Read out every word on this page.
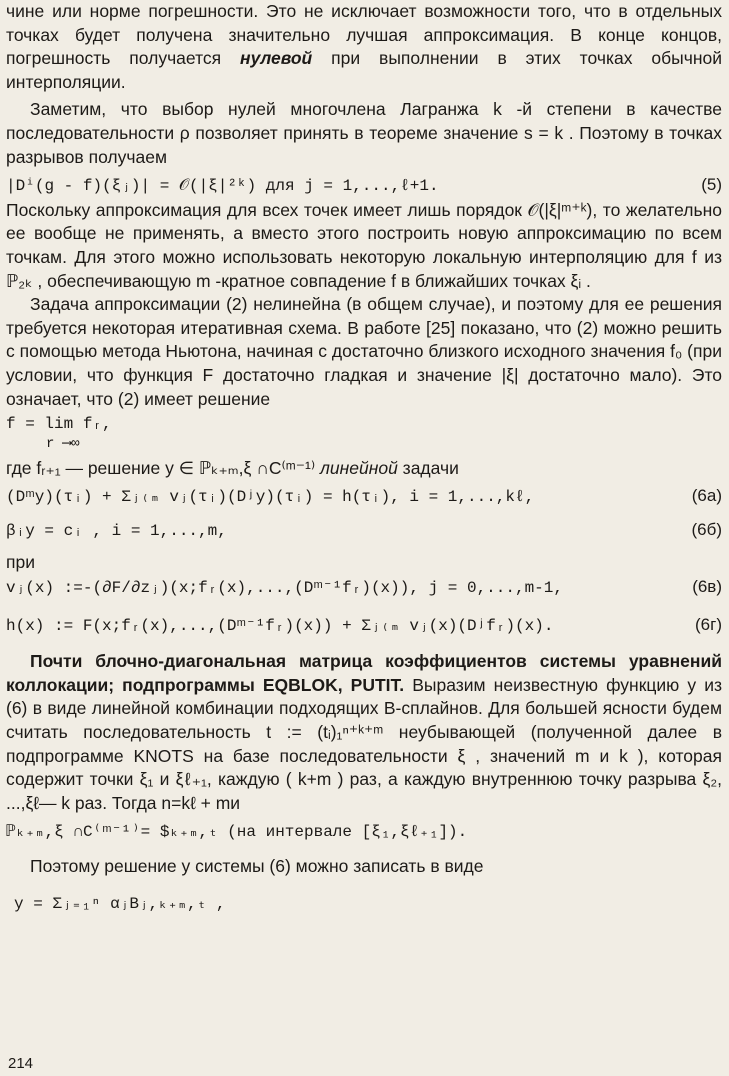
чине или норме погрешности. Это не исключает возможности того, что в отдельных точках будет получена значительно лучшая аппроксимация. В конце концов, погрешность получается нулевой при выполнении в этих точках обычной интерполяции.

Заметим, что выбор нулей многочлена Лагранжа k -й степени в качестве последовательности ρ позволяет принять в теореме значение s = k . Поэтому в точках разрывов получаем

|Dⁱ(g - f)(ξⱼ)| = 𝒪(|ξ|²ᵏ) для j = 1,...,ℓ+1.	(5)

Поскольку аппроксимация для всех точек имеет лишь порядок 𝒪(|ξ|ᵐ⁺ᵏ), то желательно ее вообще не применять, а вместо этого построить новую аппроксимацию по всем точкам. Для этого можно использовать некоторую локальную интерполяцию для f из ℙ₂ₖ , обеспечивающую m -кратное совпадение f в ближайших точках ξᵢ .

Задача аппроксимации (2) нелинейна (в общем случае), и поэтому для ее решения требуется некоторая итеративная схема. В работе [25] показано, что (2) можно решить с помощью метода Ньютона, начиная с достаточно близкого исходного значения f₀ (при условии, что функция F достаточно гладкая и значение |ξ| достаточно мало). Это означает, что (2) имеет решение

f = lim fᵣ,
r ⟶∞

где fᵣ₊₁ — решение y ∈ ℙₖ₊ₘ,ξ ∩C⁽ᵐ⁻¹⁾ линейной задачи

(Dᵐy)(τᵢ) + Σⱼ₍ₘ vⱼ(τᵢ)(Dʲy)(τᵢ) = h(τᵢ), i = 1,...,kℓ,	(6а)
βᵢy = cᵢ , i = 1,...,m,	(6б)

при

vⱼ(x) :=-(∂F/∂zⱼ)(x;fᵣ(x),...,(Dᵐ⁻¹fᵣ)(x)), j = 0,...,m-1,	(6в)
h(x) := F(x;fᵣ(x),...,(Dᵐ⁻¹fᵣ)(x)) + Σⱼ₍ₘ vⱼ(x)(Dʲfᵣ)(x).	(6г)

Почти блочно-диагональная матрица коэффициентов системы уравнений коллокации; подпрограммы EQBLOK, PUTIT. Выразим неизвестную функцию y из (6) в виде линейной комбинации подходящих B-сплайнов. Для большей ясности будем считать последовательность t := (tᵢ)₁ⁿ⁺ᵏ⁺ᵐ неубывающей (полученной далее в подпрограмме KNOTS на базе последовательности ξ , значений m и k ), которая содержит точки ξ₁ и ξℓ₊₁, каждую ( k+m ) раз, а каждую внутреннюю точку разрыва ξ₂, ...,ξℓ— k раз. Тогда n=kℓ + mи

ℙₖ₊ₘ,ξ ∩C⁽ᵐ⁻¹⁾= $ₖ₊ₘ,ₜ (на интервале [ξ₁,ξℓ₊₁]).

Поэтому решение y системы (6) можно записать в виде

y = Σⱼ₌₁ⁿ αⱼBⱼ,ₖ₊ₘ,ₜ ,
214
